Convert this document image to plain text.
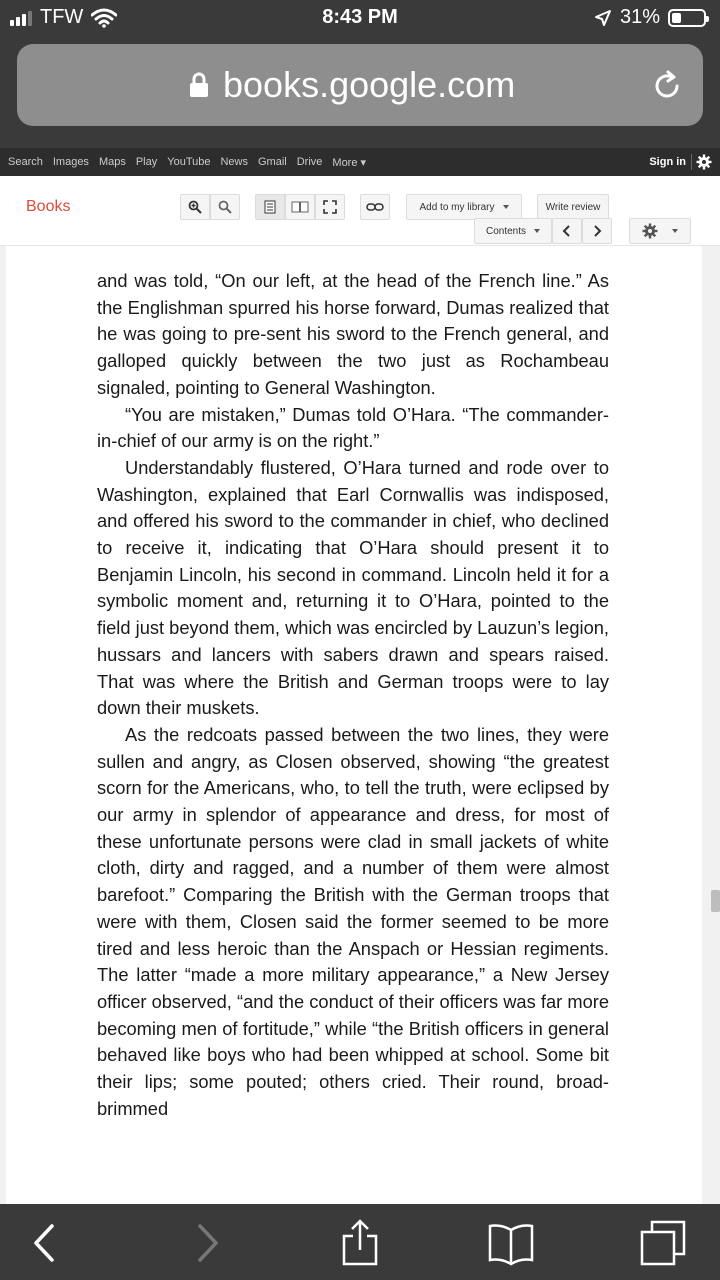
TFW	8:43 PM	31%
books.google.com
Search Images Maps Play YouTube News Gmail Drive More ▾	Sign in
Books	Add to my library	Write review
Contents

and was told, “On our left, at the head of the French line.” As the Englishman spurred his horse forward, Dumas realized that he was going to pre-sent his sword to the French general, and galloped quickly between the two just as Rochambeau signaled, pointing to General Washington.

“You are mistaken,” Dumas told O’Hara. “The commander-in-chief of our army is on the right.”

Understandably flustered, O’Hara turned and rode over to Washington, explained that Earl Cornwallis was indisposed, and offered his sword to the commander in chief, who declined to receive it, indicating that O’Hara should present it to Benjamin Lincoln, his second in command. Lincoln held it for a symbolic moment and, returning it to O’Hara, pointed to the field just beyond them, which was encircled by Lauzun’s legion, hussars and lancers with sabers drawn and spears raised. That was where the British and German troops were to lay down their muskets.

As the redcoats passed between the two lines, they were sullen and angry, as Closen observed, showing “the greatest scorn for the Americans, who, to tell the truth, were eclipsed by our army in splendor of appearance and dress, for most of these unfortunate persons were clad in small jackets of white cloth, dirty and ragged, and a number of them were almost barefoot.” Comparing the British with the German troops that were with them, Closen said the former seemed to be more tired and less heroic than the Anspach or Hessian regiments. The latter “made a more military appearance,” a New Jersey officer observed, “and the conduct of their officers was far more becoming men of fortitude,” while “the British officers in general behaved like boys who had been whipped at school. Some bit their lips; some pouted; others cried. Their round, broad-brimmed
